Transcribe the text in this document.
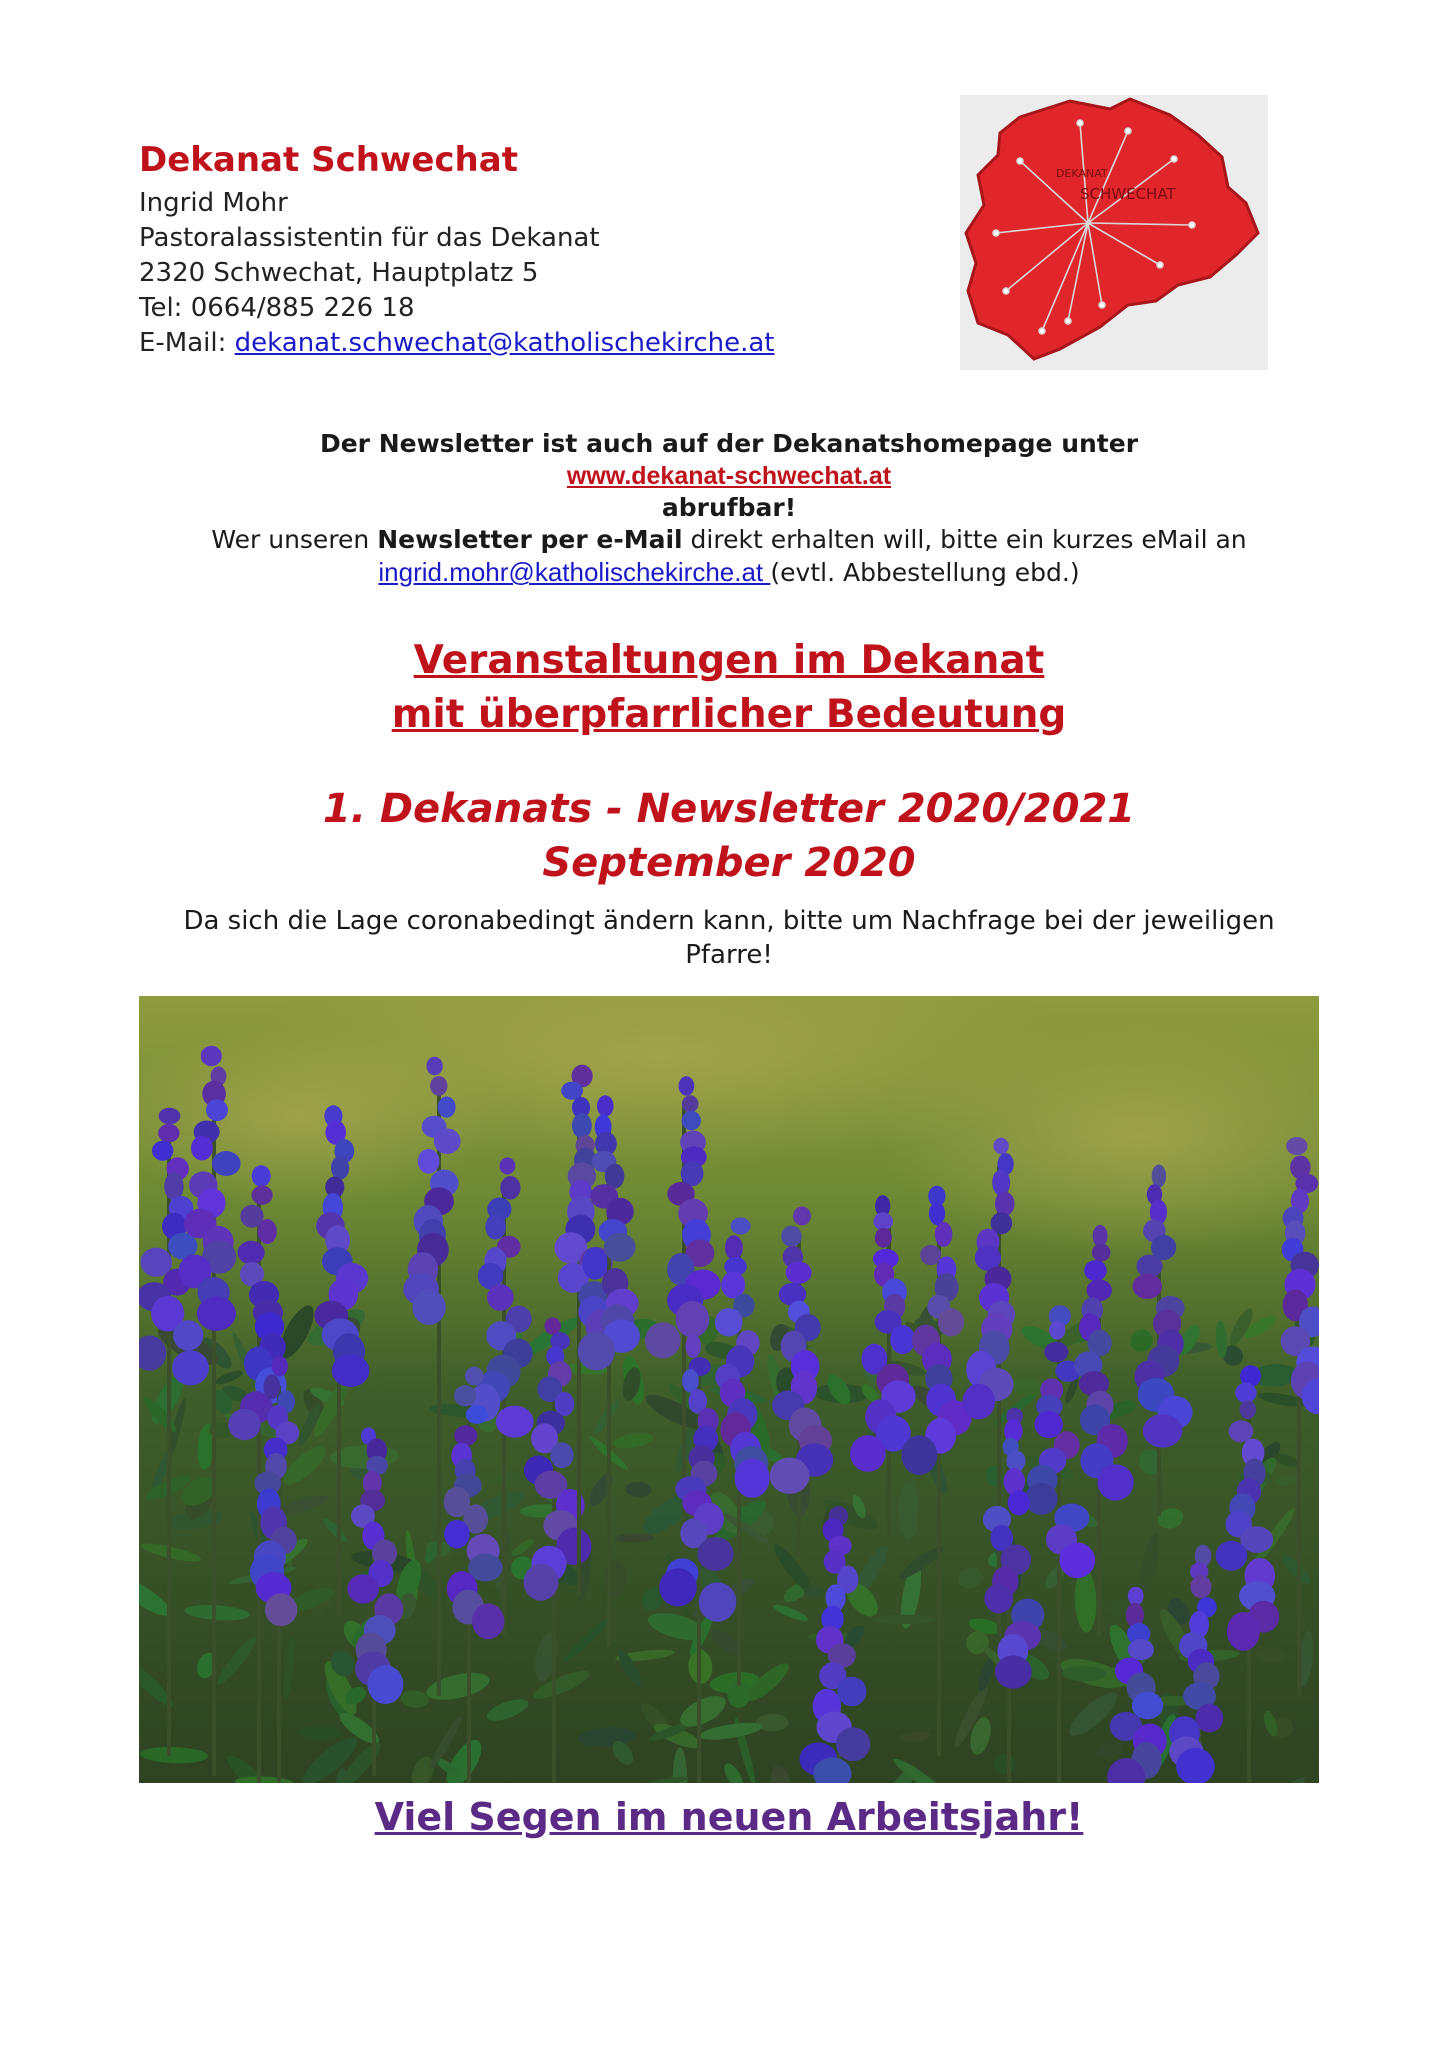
Dekanat Schwechat
Ingrid Mohr
Pastoralassistentin für das Dekanat
2320 Schwechat, Hauptplatz 5
Tel: 0664/885 226 18
E-Mail: dekanat.schwechat@katholischekirche.at
DEKANAT
SCHWECHAT
Der Newsletter ist auch auf der Dekanatshomepage unter
www.dekanat-schwechat.at
abrufbar!
Wer unseren Newsletter per e-Mail direkt erhalten will, bitte ein kurzes eMail an
ingrid.mohr@katholischekirche.at (evtl. Abbestellung ebd.)
Veranstaltungen im Dekanat
mit überpfarrlicher Bedeutung
1. Dekanats - Newsletter 2020/2021
September 2020
Da sich die Lage coronabedingt ändern kann, bitte um Nachfrage bei der jeweiligen Pfarre!
Viel Segen im neuen Arbeitsjahr!
